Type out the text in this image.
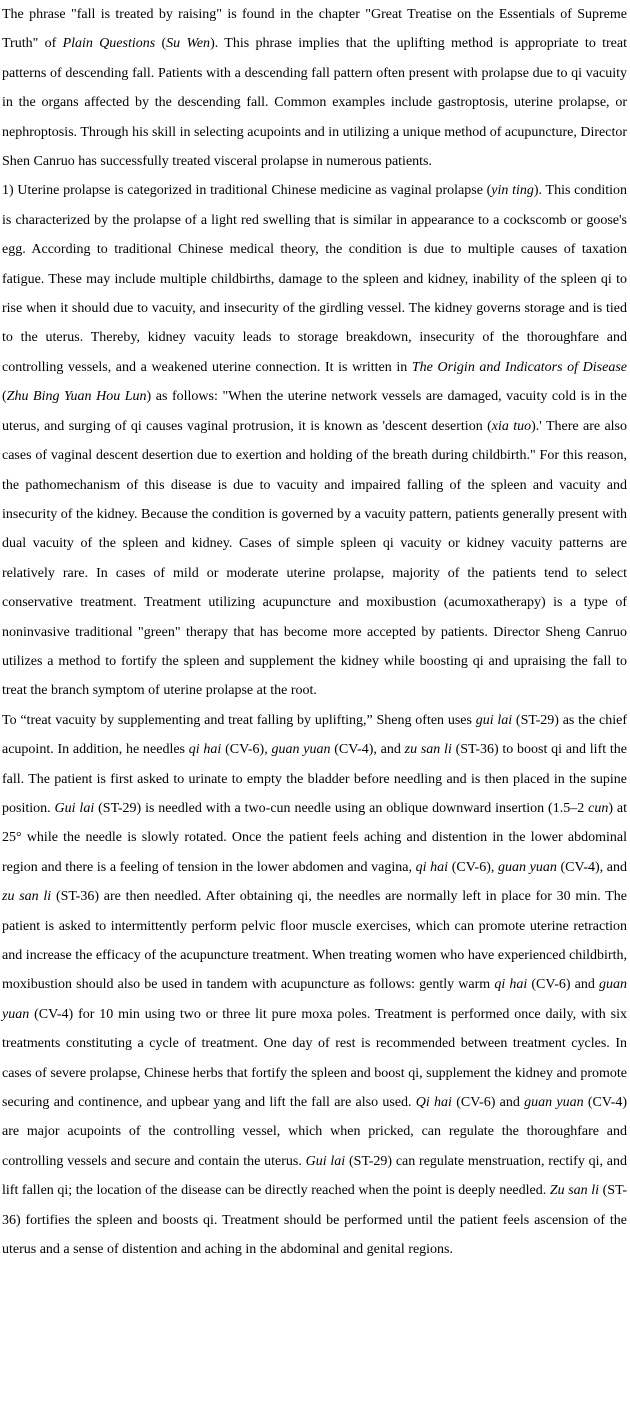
The phrase "fall is treated by raising" is found in the chapter "Great Treatise on the Essentials of Supreme Truth" of Plain Questions (Su Wen). This phrase implies that the uplifting method is appropriate to treat patterns of descending fall. Patients with a descending fall pattern often present with prolapse due to qi vacuity in the organs affected by the descending fall. Common examples include gastroptosis, uterine prolapse, or nephroptosis. Through his skill in selecting acupoints and in utilizing a unique method of acupuncture, Director Shen Canruo has successfully treated visceral prolapse in numerous patients.

1) Uterine prolapse is categorized in traditional Chinese medicine as vaginal prolapse (yin ting). This condition is characterized by the prolapse of a light red swelling that is similar in appearance to a cockscomb or goose's egg. According to traditional Chinese medical theory, the condition is due to multiple causes of taxation fatigue. These may include multiple childbirths, damage to the spleen and kidney, inability of the spleen qi to rise when it should due to vacuity, and insecurity of the girdling vessel. The kidney governs storage and is tied to the uterus. Thereby, kidney vacuity leads to storage breakdown, insecurity of the thoroughfare and controlling vessels, and a weakened uterine connection. It is written in The Origin and Indicators of Disease (Zhu Bing Yuan Hou Lun) as follows: "When the uterine network vessels are damaged, vacuity cold is in the uterus, and surging of qi causes vaginal protrusion, it is known as 'descent desertion (xia tuo).' There are also cases of vaginal descent desertion due to exertion and holding of the breath during childbirth." For this reason, the pathomechanism of this disease is due to vacuity and impaired falling of the spleen and vacuity and insecurity of the kidney. Because the condition is governed by a vacuity pattern, patients generally present with dual vacuity of the spleen and kidney. Cases of simple spleen qi vacuity or kidney vacuity patterns are relatively rare. In cases of mild or moderate uterine prolapse, majority of the patients tend to select conservative treatment. Treatment utilizing acupuncture and moxibustion (acumoxatherapy) is a type of noninvasive traditional "green" therapy that has become more accepted by patients. Director Sheng Canruo utilizes a method to fortify the spleen and supplement the kidney while boosting qi and upraising the fall to treat the branch symptom of uterine prolapse at the root.

To “treat vacuity by supplementing and treat falling by uplifting,” Sheng often uses gui lai (ST-29) as the chief acupoint. In addition, he needles qi hai (CV-6), guan yuan (CV-4), and zu san li (ST-36) to boost qi and lift the fall. The patient is first asked to urinate to empty the bladder before needling and is then placed in the supine position. Gui lai (ST-29) is needled with a two-cun needle using an oblique downward insertion (1.5–2 cun) at 25° while the needle is slowly rotated. Once the patient feels aching and distention in the lower abdominal region and there is a feeling of tension in the lower abdomen and vagina, qi hai (CV-6), guan yuan (CV-4), and zu san li (ST-36) are then needled. After obtaining qi, the needles are normally left in place for 30 min. The patient is asked to intermittently perform pelvic floor muscle exercises, which can promote uterine retraction and increase the efficacy of the acupuncture treatment. When treating women who have experienced childbirth, moxibustion should also be used in tandem with acupuncture as follows: gently warm qi hai (CV-6) and guan yuan (CV-4) for 10 min using two or three lit pure moxa poles. Treatment is performed once daily, with six treatments constituting a cycle of treatment. One day of rest is recommended between treatment cycles. In cases of severe prolapse, Chinese herbs that fortify the spleen and boost qi, supplement the kidney and promote securing and continence, and upbear yang and lift the fall are also used. Qi hai (CV-6) and guan yuan (CV-4) are major acupoints of the controlling vessel, which when pricked, can regulate the thoroughfare and controlling vessels and secure and contain the uterus. Gui lai (ST-29) can regulate menstruation, rectify qi, and lift fallen qi; the location of the disease can be directly reached when the point is deeply needled. Zu san li (ST-36) fortifies the spleen and boosts qi. Treatment should be performed until the patient feels ascension of the uterus and a sense of distention and aching in the abdominal and genital regions.
